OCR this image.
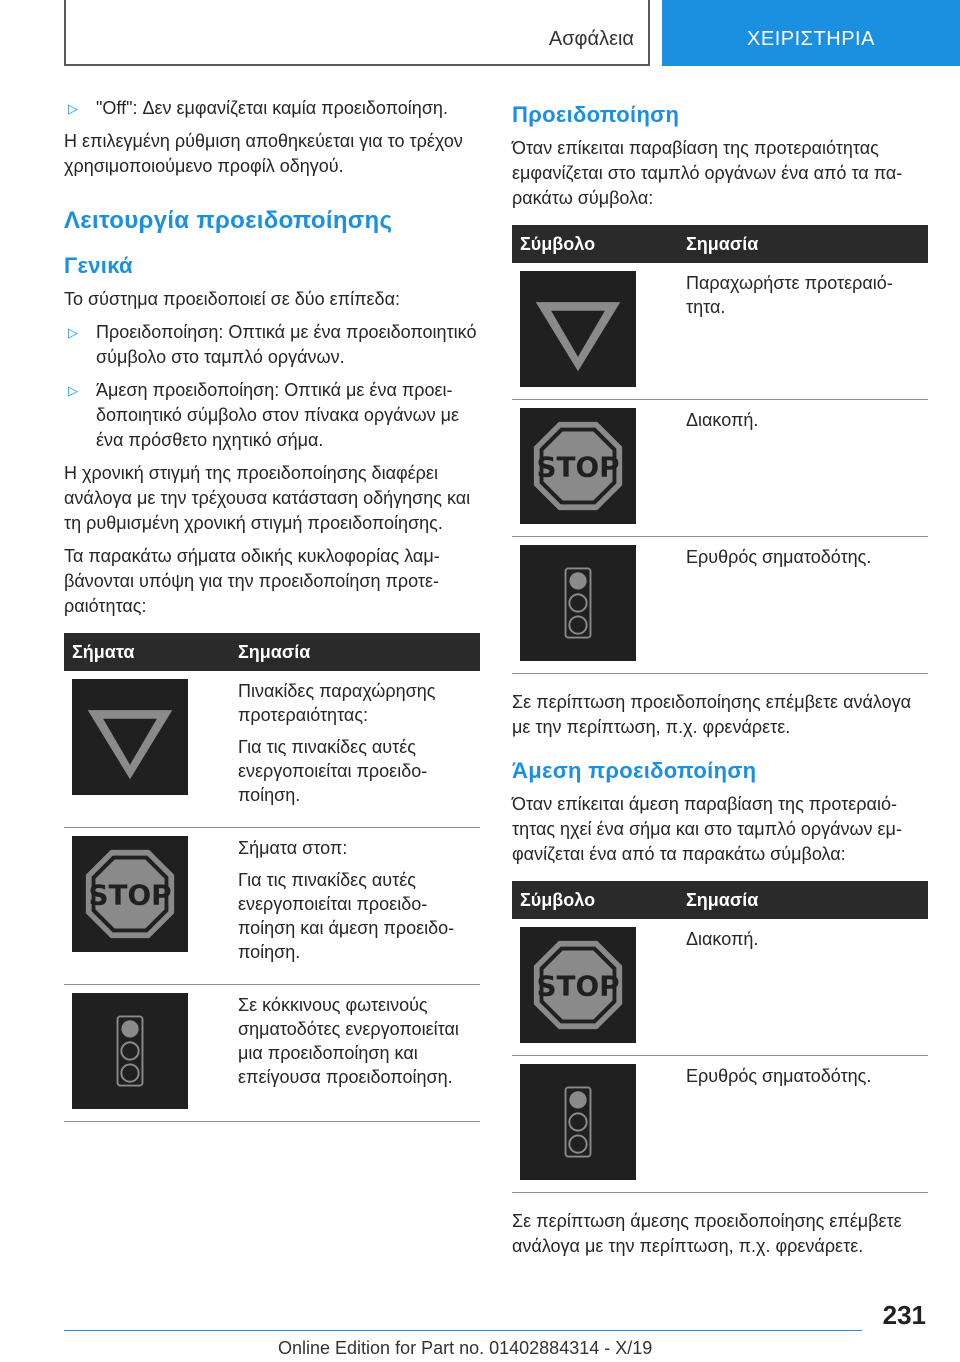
Ασφάλεια	ΧΕΙΡΙΣΤΗΡΙΑ
▷ "Off": Δεν εμφανίζεται καμία προειδοποίηση.

Η επιλεγμένη ρύθμιση αποθηκεύεται για το τρέχον χρησιμοποιούμενο προφίλ οδηγού.

Λειτουργία προειδοποίησης
Γενικά

Το σύστημα προειδοποιεί σε δύο επίπεδα:

▷ Προειδοποίηση: Οπτικά με ένα προειδοποιητικό σύμβολο στο ταμπλό οργάνων.
▷ Άμεση προειδοποίηση: Οπτικά με ένα προειδοποιητικό σύμβολο στον πίνακα οργάνων με ένα πρόσθετο ηχητικό σήμα.

Η χρονική στιγμή της προειδοποίησης διαφέρει ανάλογα με την τρέχουσα κατάσταση οδήγησης και τη ρυθμισμένη χρονική στιγμή προειδοποίησης.

Τα παρακάτω σήματα οδικής κυκλοφορίας λαμβάνονται υπόψη για την προειδοποίηση προτεραιότητας:

Σήματα	Σημασία

Πινακίδες παραχώρησης προτεραιότητας:
Για τις πινακίδες αυτές ενεργοποιείται προειδοποίηση.

STOP	Σήματα στοπ:
Για τις πινακίδες αυτές ενεργοποιείται προειδοποίηση και άμεση προειδοποίηση.

Σε κόκκινους φωτεινούς σηματοδότες ενεργοποιείται μια προειδοποίηση και επείγουσα προειδοποίηση.
Προειδοποίηση

Όταν επίκειται παραβίαση της προτεραιότητας εμφανίζεται στο ταμπλό οργάνων ένα από τα παρακάτω σύμβολα:

Σύμβολο	Σημασία

Παραχωρήστε προτεραιότητα.

STOP	Διακοπή.

Ερυθρός σηματοδότης.

Σε περίπτωση προειδοποίησης επέμβετε ανάλογα με την περίπτωση, π.χ. φρενάρετε.

Άμεση προειδοποίηση

Όταν επίκειται άμεση παραβίαση της προτεραιότητας ηχεί ένα σήμα και στο ταμπλό οργάνων εμφανίζεται ένα από τα παρακάτω σύμβολα:

Σύμβολο	Σημασία

STOP	Διακοπή.

Ερυθρός σηματοδότης.

Σε περίπτωση άμεσης προειδοποίησης επέμβετε ανάλογα με την περίπτωση, π.χ. φρενάρετε.

231
Online Edition for Part no. 01402884314 - X/19
